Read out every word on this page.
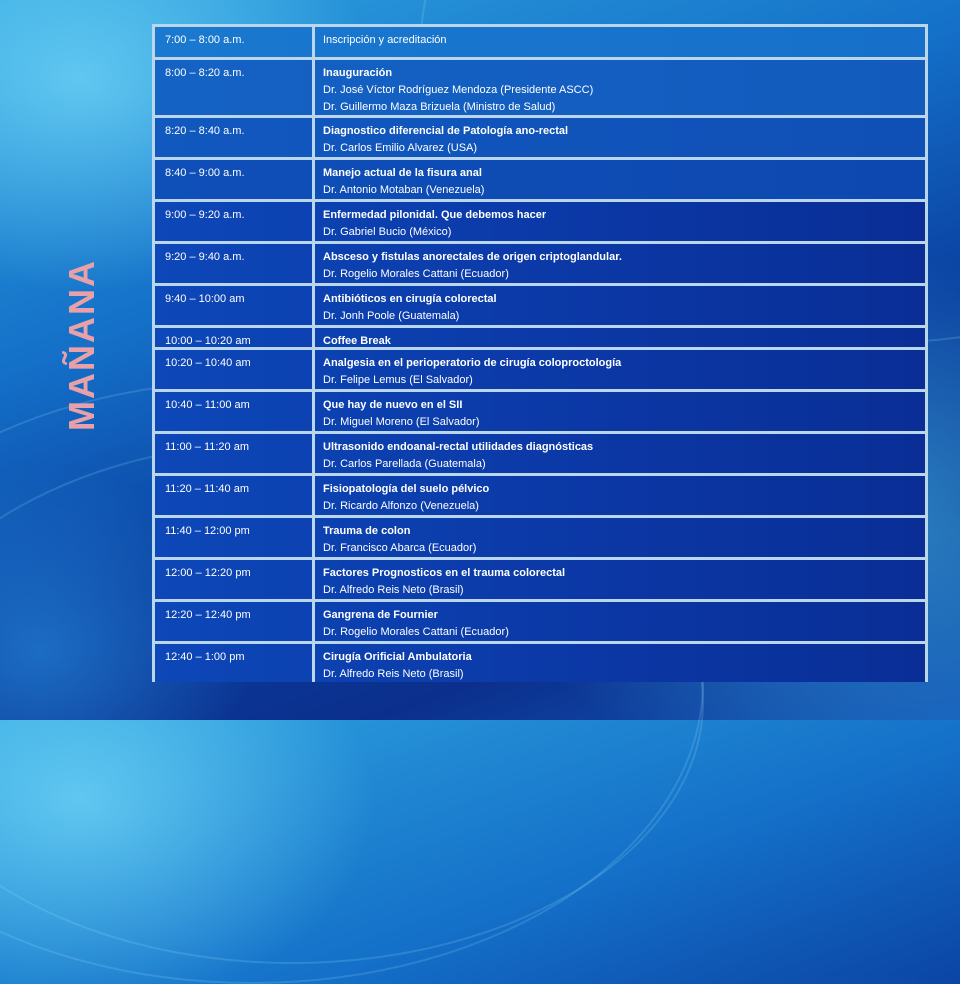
MAÑANA
7:00 – 8:00 a.m.	Inscripción y acreditación
8:00 – 8:20 a.m.	Inauguración
Dr. José Víctor Rodríguez Mendoza (Presidente ASCC)
Dr. Guillermo Maza Brizuela (Ministro de Salud)
8:20 – 8:40 a.m.	Diagnostico diferencial de Patología ano-rectal
Dr. Carlos Emilio Alvarez (USA)
8:40 – 9:00 a.m.	Manejo actual de la fisura anal
Dr. Antonio Motaban (Venezuela)
9:00 – 9:20 a.m.	Enfermedad pilonidal. Que debemos hacer
Dr. Gabriel Bucio (México)
9:20 – 9:40 a.m.	Absceso y fistulas anorectales de origen criptoglandular.
Dr. Rogelio Morales Cattani (Ecuador)
9:40 – 10:00 am	Antibióticos en cirugía colorectal
Dr. Jonh Poole (Guatemala)
10:00 – 10:20 am	Coffee Break
10:20 – 10:40 am	Analgesia en el perioperatorio de cirugía coloproctología
Dr. Felipe Lemus (El Salvador)
10:40 – 11:00 am	Que hay de nuevo en el SII
Dr. Miguel Moreno (El Salvador)
11:00 – 11:20 am	Ultrasonido endoanal-rectal utilidades diagnósticas
Dr. Carlos Parellada (Guatemala)
11:20 – 11:40 am	Fisiopatología del suelo pélvico
Dr. Ricardo Alfonzo (Venezuela)
11:40 – 12:00 pm	Trauma de colon
Dr. Francisco Abarca (Ecuador)
12:00 – 12:20 pm	Factores Prognosticos en el trauma colorectal
Dr. Alfredo Reis Neto (Brasil)
12:20 – 12:40 pm	Gangrena de Fournier
Dr. Rogelio Morales Cattani (Ecuador)
12:40 – 1:00 pm	Cirugía Orificial Ambulatoria
Dr. Alfredo Reis Neto (Brasil)
